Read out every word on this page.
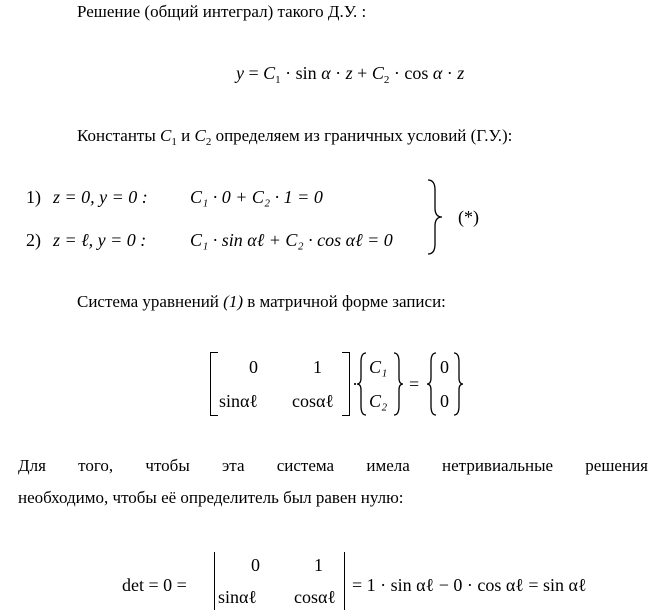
Решение (общий интеграл) такого Д.У. :
$y = C_1 \cdot \sin \alpha \cdot z + C_2 \cdot \cos \alpha \cdot z$
Константы $C_1$ и $C_2$ определяем из граничных условий (Г.У.):
1) z = 0, y = 0 : C₁ · 0 + C₂ · 1 = 0
2) z = ℓ, y = 0 : C₁ · sin αℓ + C₂ · cos αℓ = 0
(*)
Система уравнений (1) в матричной форме записи:
0	1
sinαℓ cosαℓ
·
C₁
C₂
=
0
0
Для того, чтобы эта система имела нетривиальные решения
необходимо, чтобы её определитель был равен нулю:
det = 0 =
0	1
sinαℓ cosαℓ
= 1 · sin αℓ − 0 · cos αℓ = sin αℓ
